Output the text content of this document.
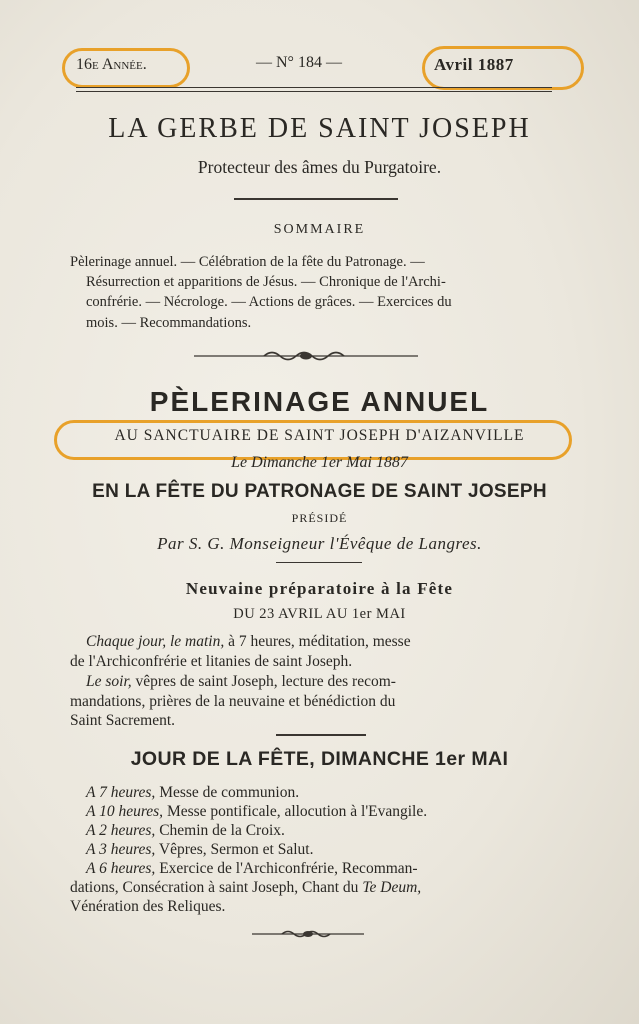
16e Année.	— N° 184 —	Avril 1887
LA GERBE DE SAINT JOSEPH
Protecteur des âmes du Purgatoire.
SOMMAIRE
Pèlerinage annuel. — Célébration de la fête du Patronage. —
Résurrection et apparitions de Jésus. — Chronique de l'Archi-
confrérie. — Nécrologe. — Actions de grâces. — Exercices du
mois. — Recommandations.
PÈLERINAGE ANNUEL
AU SANCTUAIRE DE SAINT JOSEPH D'AIZANVILLE
Le Dimanche 1er Mai 1887
EN LA FÊTE DU PATRONAGE DE SAINT JOSEPH
PRÉSIDÉ
Par S. G. Monseigneur l'Évêque de Langres.
Neuvaine préparatoire à la Fête
DU 23 AVRIL AU 1er MAI
Chaque jour, le matin, à 7 heures, méditation, messe
de l'Archiconfrérie et litanies de saint Joseph.
Le soir, vêpres de saint Joseph, lecture des recom-
mandations, prières de la neuvaine et bénédiction du
Saint Sacrement.
JOUR DE LA FÊTE, DIMANCHE 1er MAI
A 7 heures, Messe de communion.
A 10 heures, Messe pontificale, allocution à l'Evangile.
A 2 heures, Chemin de la Croix.
A 3 heures, Vêpres, Sermon et Salut.
A 6 heures, Exercice de l'Archiconfrérie, Recomman-
dations, Consécration à saint Joseph, Chant du Te Deum,
Vénération des Reliques.
